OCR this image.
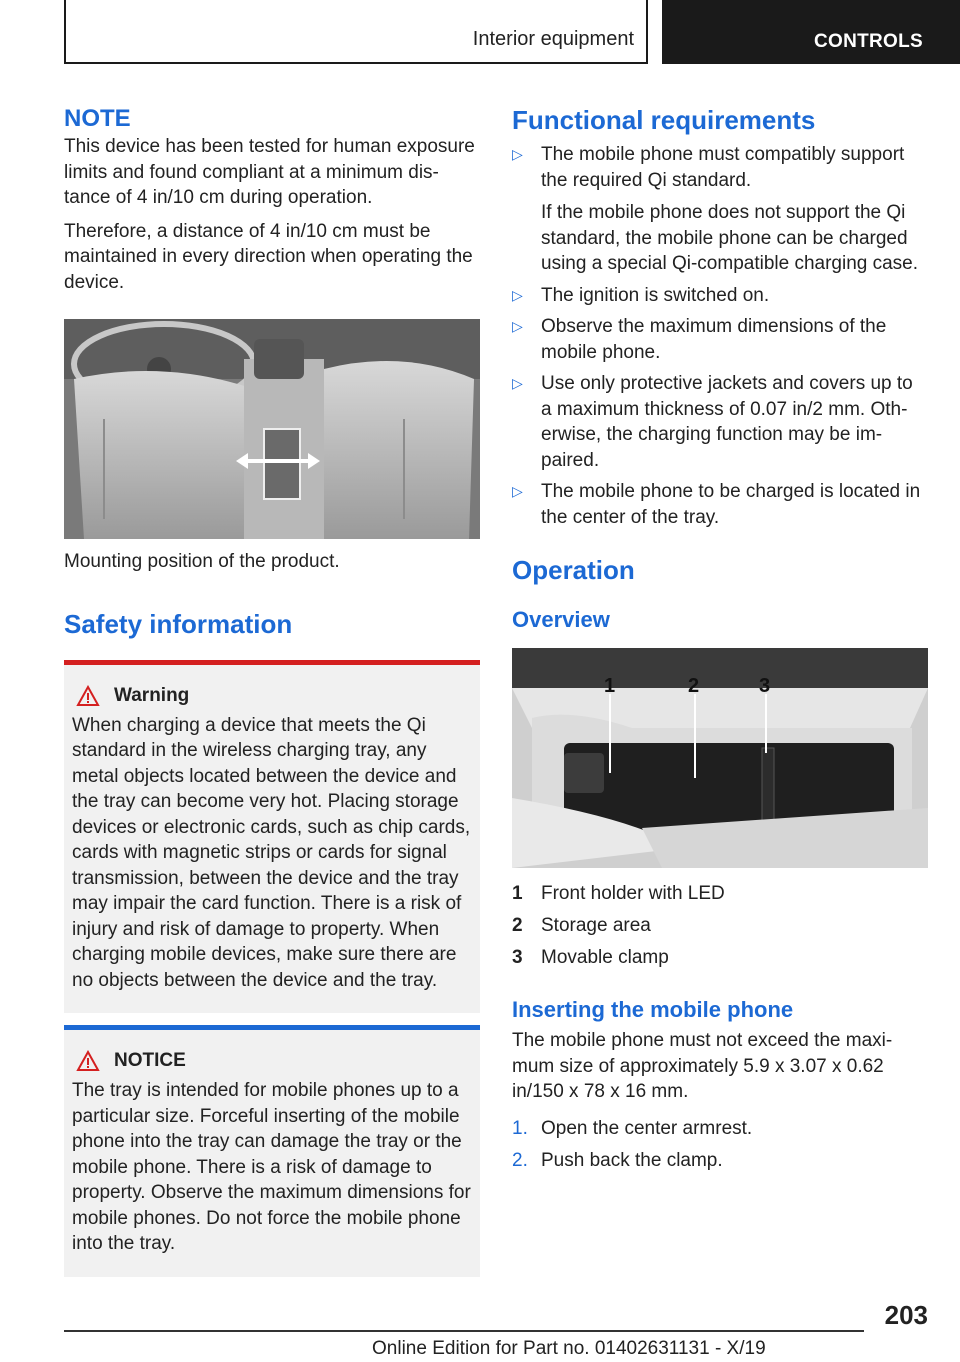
Interior equipment	CONTROLS
NOTE

This device has been tested for human exposure limits and found compliant at a minimum dis-tance of 4 in/10 cm during operation.

Therefore, a distance of 4 in/10 cm must be maintained in every direction when operating the device.

Mounting position of the product.

Safety information
Warning

When charging a device that meets the Qi standard in the wireless charging tray, any metal objects located between the device and the tray can become very hot. Placing storage devices or electronic cards, such as chip cards, cards with magnetic strips or cards for signal transmission, between the device and the tray may impair the card function. There is a risk of injury and risk of damage to property. When charging mobile devices, make sure there are no objects between the device and the tray.

NOTICE

The tray is intended for mobile phones up to a particular size. Forceful inserting of the mobile phone into the tray can damage the tray or the mobile phone. There is a risk of damage to property. Observe the maximum dimensions for mobile phones. Do not force the mobile phone into the tray.

Functional requirements
▷ The mobile phone must compatibly support the required Qi standard.

If the mobile phone does not support the Qi standard, the mobile phone can be charged using a special Qi-compatible charging case.

▷ The ignition is switched on.

▷ Observe the maximum dimensions of the mobile phone.

▷ Use only protective jackets and covers up to a maximum thickness of 0.07 in/2 mm. Oth-erwise, the charging function may be im-paired.

▷ The mobile phone to be charged is located in the center of the tray.

Operation
Overview
1	2	3
1 Front holder with LED
2 Storage area
3 Movable clamp
Inserting the mobile phone

The mobile phone must not exceed the maxi-mum size of approximately 5.9 x 3.07 x 0.62 in/150 x 78 x 16 mm.

1. Open the center armrest.
2. Push back the clamp.
203
Online Edition for Part no. 01402631131 - X/19
